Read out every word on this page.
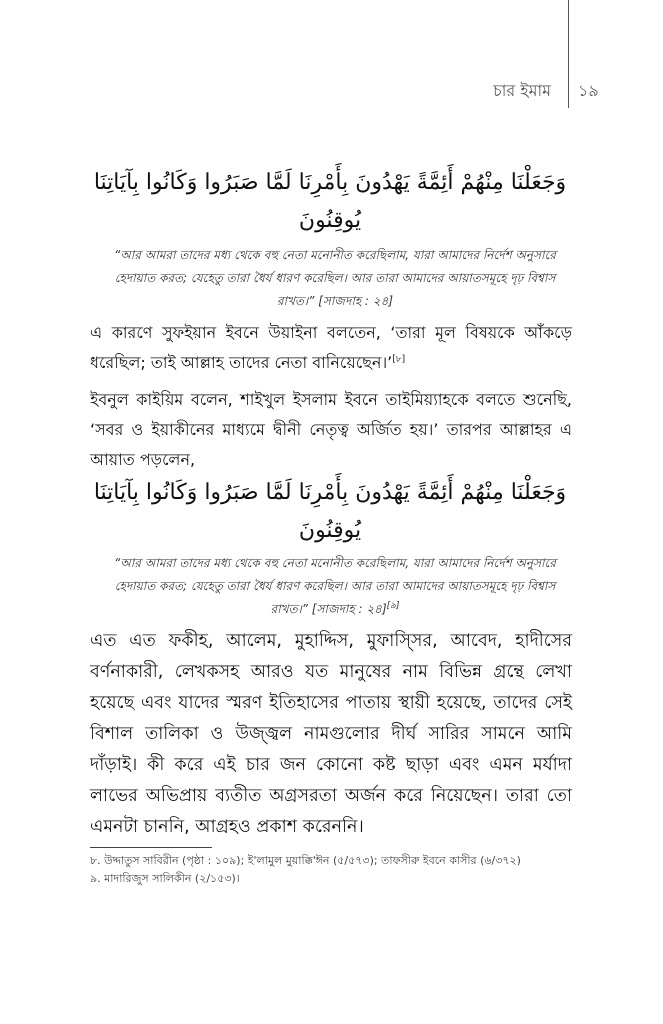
চার ইমাম ১৯
وَجَعَلْنَا مِنْهُمْ أَئِمَّةً يَهْدُونَ بِأَمْرِنَا لَمَّا صَبَرُوا وَكَانُوا بِآيَاتِنَا
يُوقِنُونَ
“আর আমরা তাদের মধ্য থেকে বহু নেতা মনোনীত করেছিলাম, যারা আমাদের নির্দেশ অনুসারে হেদায়াত করত; যেহেতু তারা ধৈর্য ধারণ করেছিল। আর তারা আমাদের আয়াতসমূহে দৃঢ় বিশ্বাস রাখত।” [সাজদাহ : ২৪]
এ কারণে সুফইয়ান ইবনে উয়াইনা বলতেন, ‘তারা মূল বিষয়কে আঁকড়ে ধরেছিল; তাই আল্লাহ তাদের নেতা বানিয়েছেন।’[৮]
ইবনুল কাইয়িম বলেন, শাইখুল ইসলাম ইবনে তাইমিয়্যাহকে বলতে শুনেছি, ‘সবর ও ইয়াকীনের মাধ্যমে দ্বীনী নেতৃত্ব অর্জিত হয়।’ তারপর আল্লাহর এ আয়াত পড়লেন,
وَجَعَلْنَا مِنْهُمْ أَئِمَّةً يَهْدُونَ بِأَمْرِنَا لَمَّا صَبَرُوا وَكَانُوا بِآيَاتِنَا
يُوقِنُونَ
“আর আমরা তাদের মধ্য থেকে বহু নেতা মনোনীত করেছিলাম, যারা আমাদের নির্দেশ অনুসারে হেদায়াত করত; যেহেতু তারা ধৈর্য ধারণ করেছিল। আর তারা আমাদের আয়াতসমূহে দৃঢ় বিশ্বাস রাখত।” [সাজদাহ : ২৪][৯]
এত এত ফকীহ, আলেম, মুহাদ্দিস, মুফাস্সির, আবেদ, হাদীসের বর্ণনাকারী, লেখকসহ আরও যত মানুষের নাম বিভিন্ন গ্রন্থে লেখা হয়েছে এবং যাদের স্মরণ ইতিহাসের পাতায় স্থায়ী হয়েছে, তাদের সেই বিশাল তালিকা ও উজ্জ্বল নামগুলোর দীর্ঘ সারির সামনে আমি দাঁড়াই। কী করে এই চার জন কোনো কষ্ট ছাড়া এবং এমন মর্যাদা লাভের অভিপ্রায় ব্যতীত অগ্রসরতা অর্জন করে নিয়েছেন। তারা তো এমনটা চাননি, আগ্রহও প্রকাশ করেননি।
৮. উদ্দাতুস সাবিরীন (পৃষ্ঠা : ১০৯); ই'লামুল মুয়াক্কি'ঈন (৫/৫৭৩); তাফসীরু ইবনে কাসীর (৬/৩৭২)
৯. মাদারিজুস সালিকীন (২/১৫৩)।
